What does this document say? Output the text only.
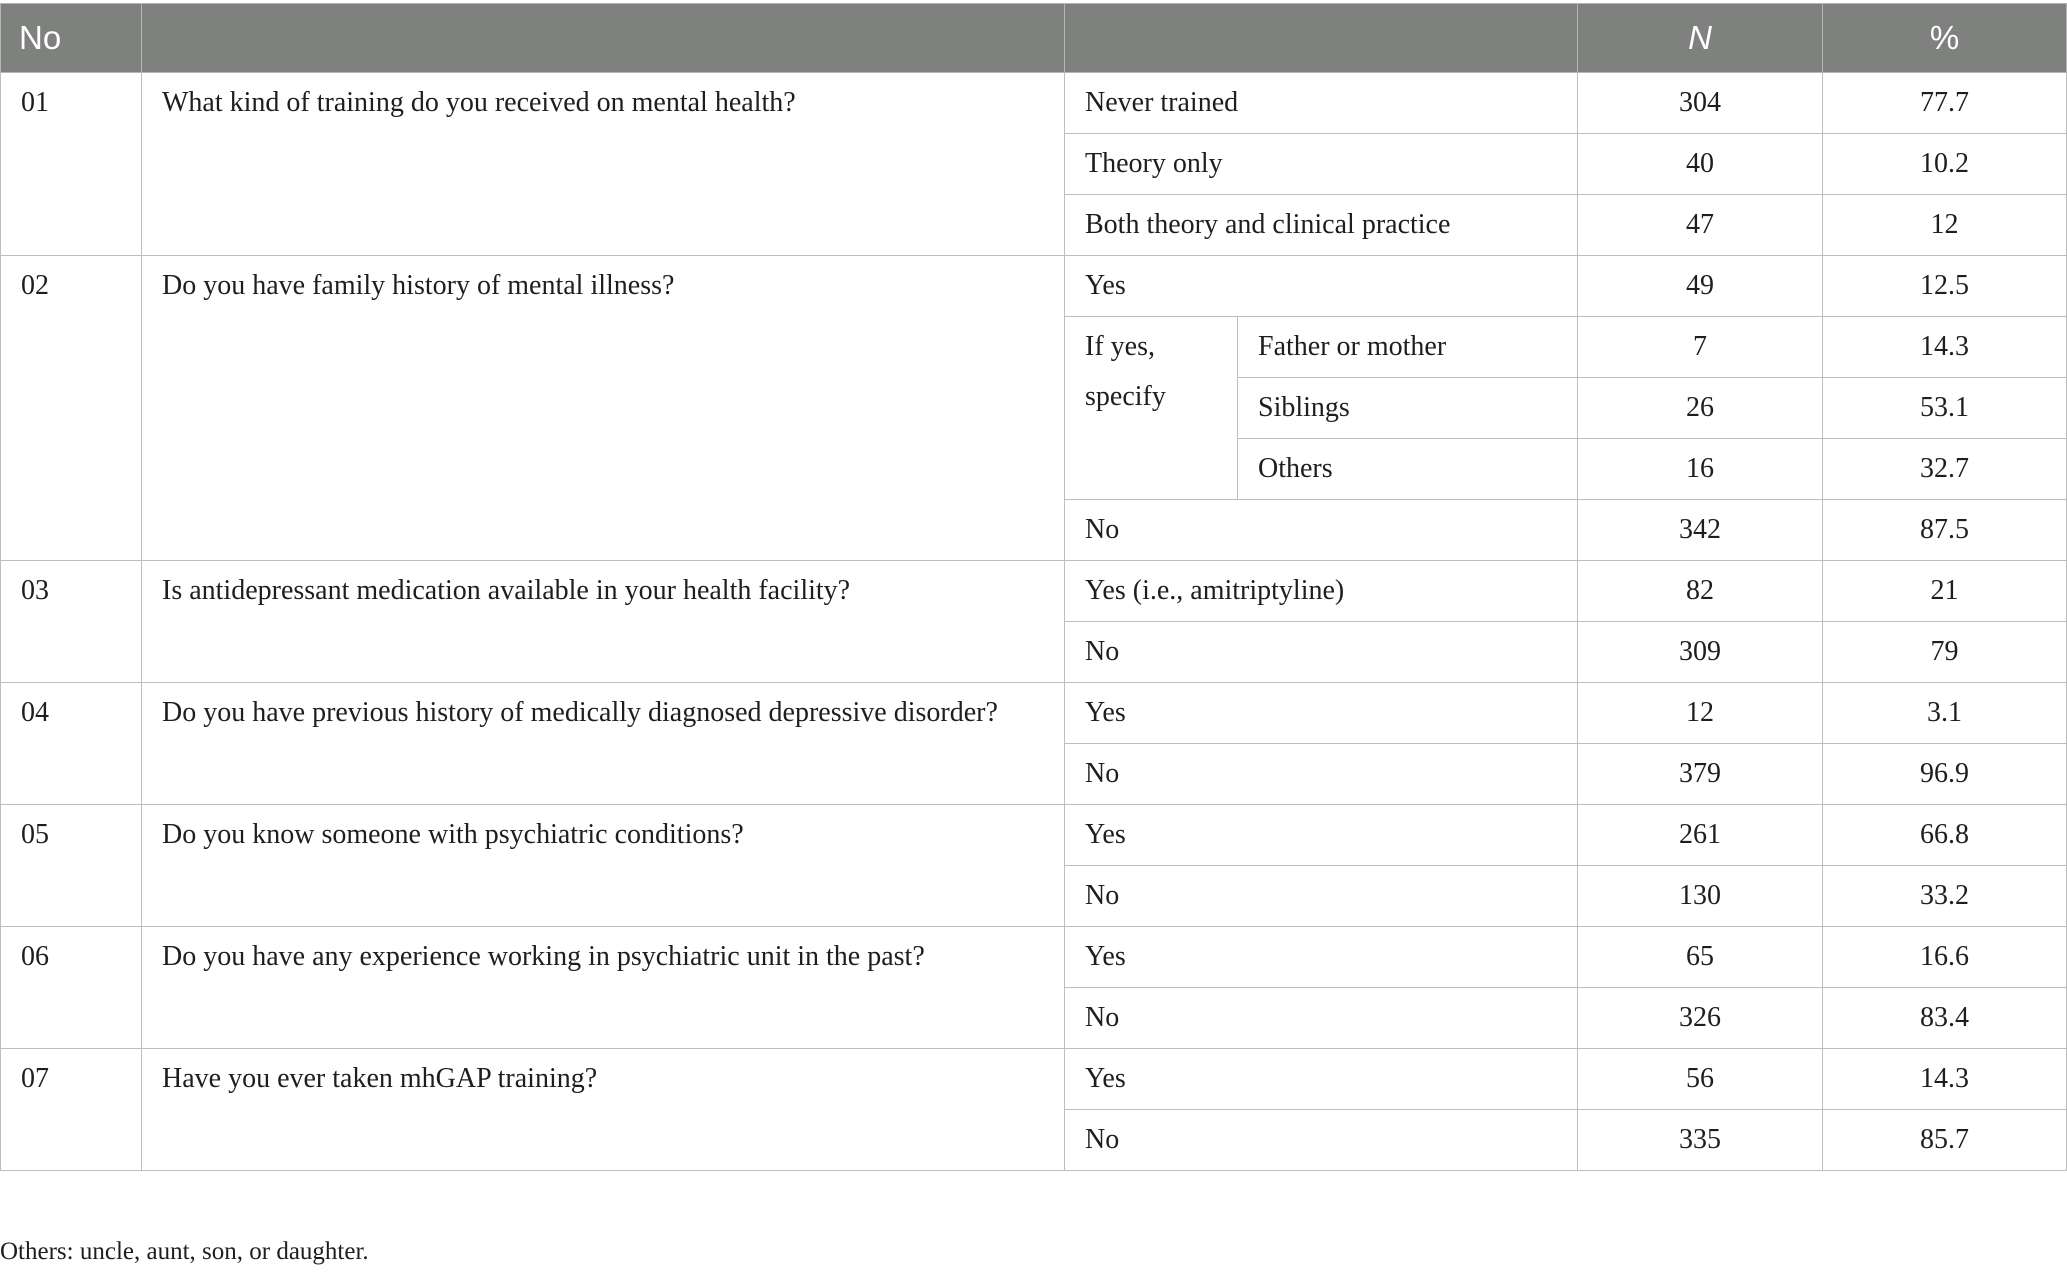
No				N	%
01	What kind of training do you received on mental health?	Never trained		304	77.7
		Theory only		40	10.2
		Both theory and clinical practice		47	12
02	Do you have family history of mental illness?	Yes		49	12.5
		If yes, specify	Father or mother	7	14.3
			Siblings	26	53.1
			Others	16	32.7
		No		342	87.5
03	Is antidepressant medication available in your health facility?	Yes (i.e., amitriptyline)		82	21
		No		309	79
04	Do you have previous history of medically diagnosed depressive disorder?	Yes		12	3.1
		No		379	96.9
05	Do you know someone with psychiatric conditions?	Yes		261	66.8
		No		130	33.2
06	Do you have any experience working in psychiatric unit in the past?	Yes		65	16.6
		No		326	83.4
07	Have you ever taken mhGAP training?	Yes		56	14.3
		No		335	85.7
Others: uncle, aunt, son, or daughter.
